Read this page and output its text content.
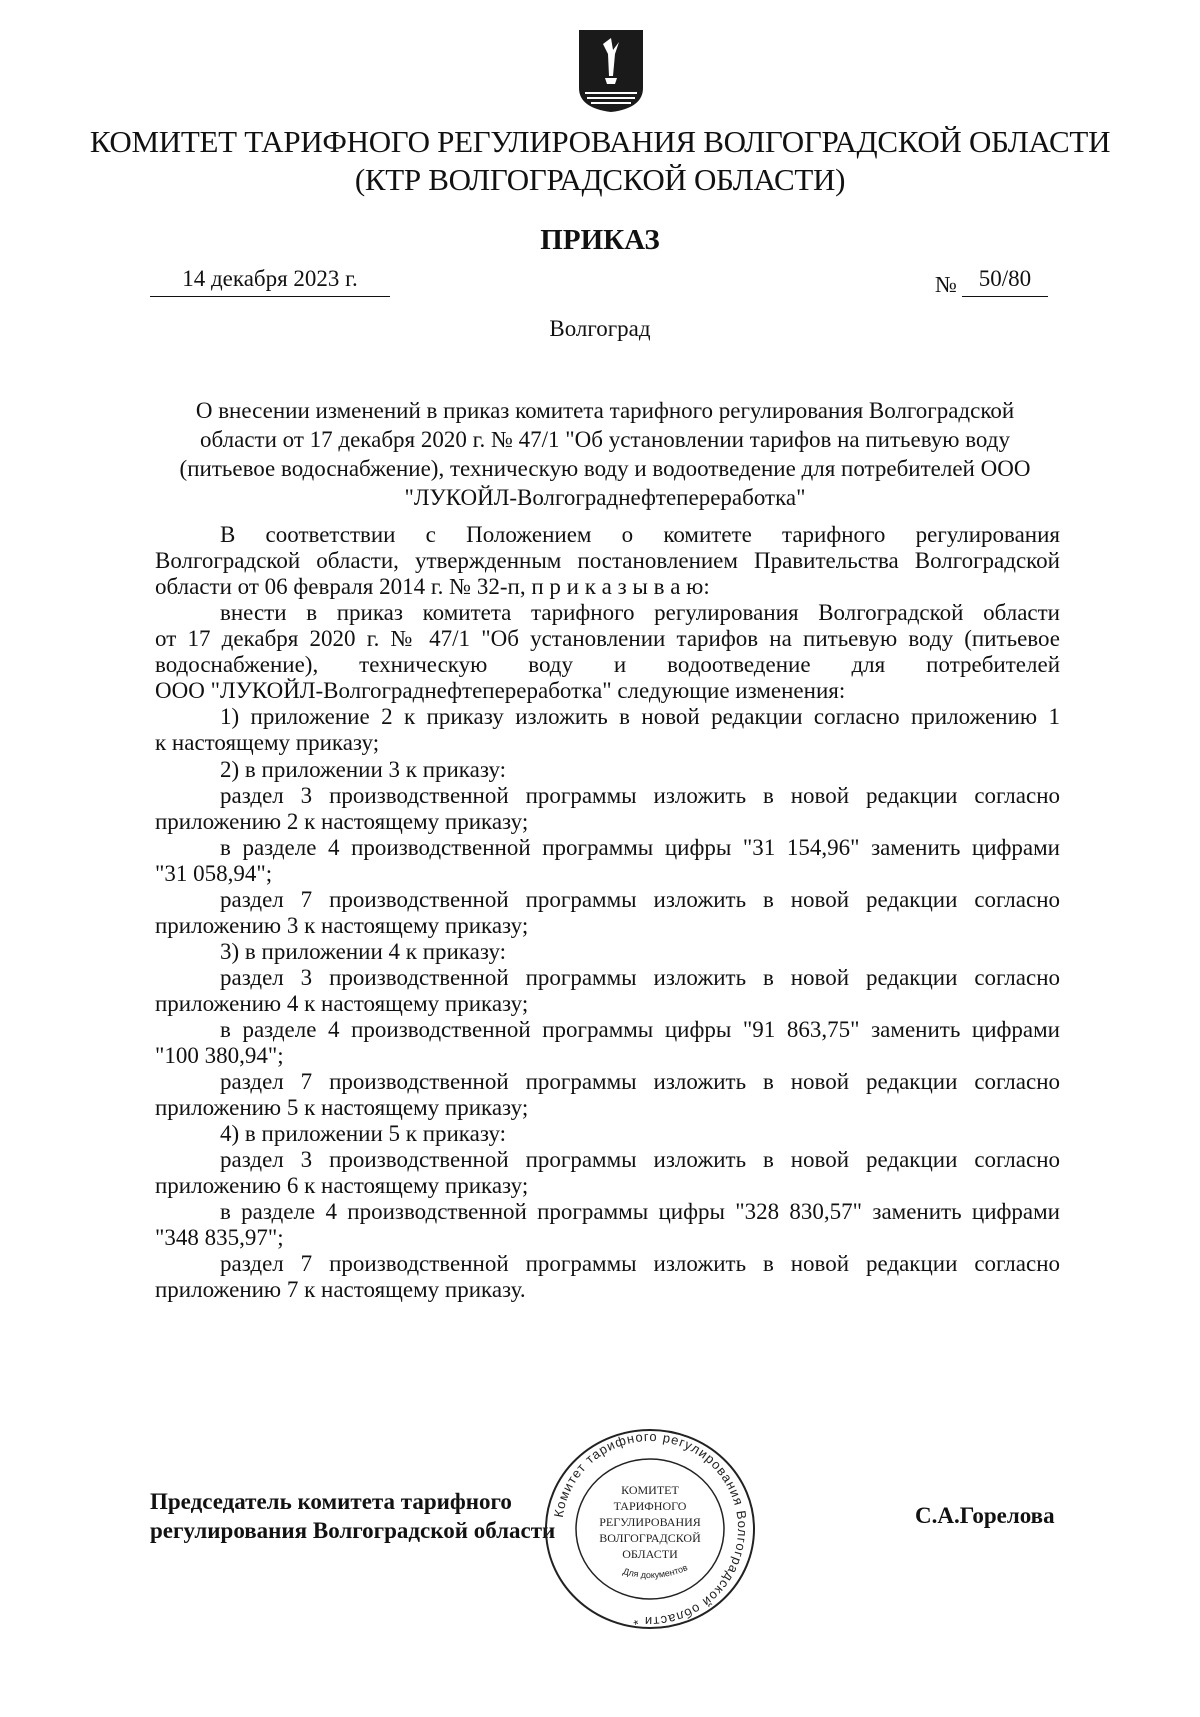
КОМИТЕТ ТАРИФНОГО РЕГУЛИРОВАНИЯ ВОЛГОГРАДСКОЙ ОБЛАСТИ
(КТР ВОЛГОГРАДСКОЙ ОБЛАСТИ)
ПРИКАЗ
14 декабря 2023 г.	№ 50/80
Волгоград

О внесении изменений в приказ комитета тарифного регулирования Волгоградской области от 17 декабря 2020 г. № 47/1 "Об установлении тарифов на питьевую воду (питьевое водоснабжение), техническую воду и водоотведение для потребителей ООО "ЛУКОЙЛ-Волгограднефтепереработка"

В соответствии с Положением о комитете тарифного регулирования
Волгоградской области, утвержденным постановлением Правительства Волгоградской
области от 06 февраля 2014 г. № 32-п, п р и к а з ы в а ю:
внести в приказ комитета тарифного регулирования Волгоградской области
от 17 декабря 2020 г. № 47/1 "Об установлении тарифов на питьевую воду (питьевое
водоснабжение), техническую воду и водоотведение для потребителей
ООО "ЛУКОЙЛ-Волгограднефтепереработка" следующие изменения:
1) приложение 2 к приказу изложить в новой редакции согласно приложению 1
к настоящему приказу;
2) в приложении 3 к приказу:
раздел 3 производственной программы изложить в новой редакции согласно
приложению 2 к настоящему приказу;
в разделе 4 производственной программы цифры "31 154,96" заменить цифрами
"31 058,94";
раздел 7 производственной программы изложить в новой редакции согласно
приложению 3 к настоящему приказу;
3) в приложении 4 к приказу:
раздел 3 производственной программы изложить в новой редакции согласно
приложению 4 к настоящему приказу;
в разделе 4 производственной программы цифры "91 863,75" заменить цифрами
"100 380,94";
раздел 7 производственной программы изложить в новой редакции согласно
приложению 5 к настоящему приказу;
4) в приложении 5 к приказу:
раздел 3 производственной программы изложить в новой редакции согласно
приложению 6 к настоящему приказу;
в разделе 4 производственной программы цифры "328 830,57" заменить цифрами
"348 835,97";
раздел 7 производственной программы изложить в новой редакции согласно
приложению 7 к настоящему приказу.
Председатель комитета тарифного
регулирования Волгоградской области
С.А.Горелова
Комитет тарифного регулирования Волгоградской области *
КОМИТЕТ
ТАРИФНОГО
РЕГУЛИРОВАНИЯ
ВОЛГОГРАДСКОЙ
ОБЛАСТИ
Для документов
